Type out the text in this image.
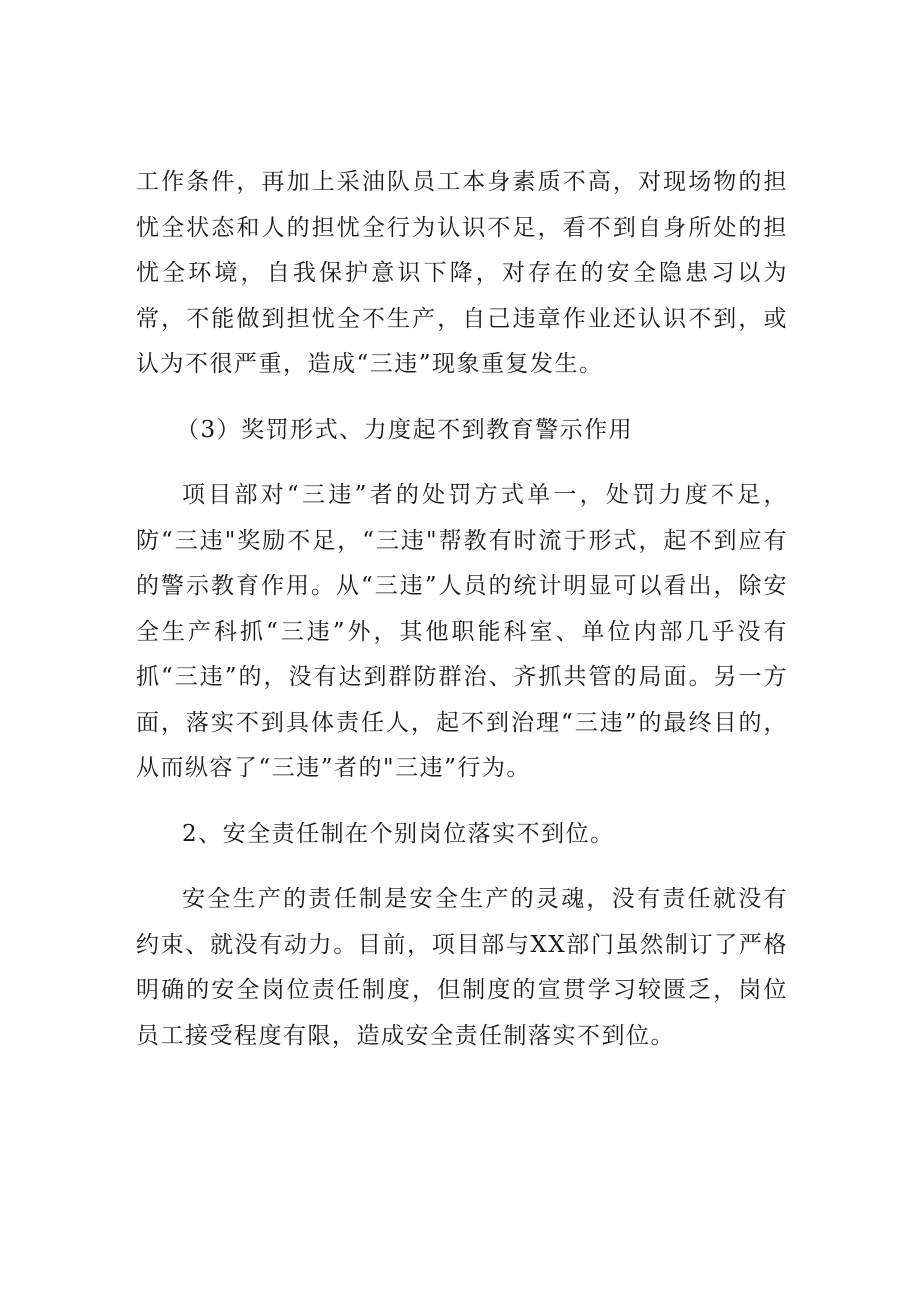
工作条件，再加上采油队员工本身素质不高，对现场物的担忧全状态和人的担忧全行为认识不足，看不到自身所处的担忧全环境，自我保护意识下降，对存在的安全隐患习以为常，不能做到担忧全不生产，自己违章作业还认识不到，或认为不很严重，造成“三违”现象重复发生。

（3）奖罚形式、力度起不到教育警示作用

项目部对“三违”者的处罚方式单一，处罚力度不足，防“三违"奖励不足，“三违"帮教有时流于形式，起不到应有的警示教育作用。从“三违”人员的统计明显可以看出，除安全生产科抓“三违”外，其他职能科室、单位内部几乎没有抓“三违”的，没有达到群防群治、齐抓共管的局面。另一方面，落实不到具体责任人，起不到治理“三违”的最终目的，从而纵容了“三违”者的"三违”行为。

2、安全责任制在个别岗位落实不到位。

安全生产的责任制是安全生产的灵魂，没有责任就没有约束、就没有动力。目前，项目部与XX部门虽然制订了严格明确的安全岗位责任制度，但制度的宣贯学习较匮乏，岗位员工接受程度有限，造成安全责任制落实不到位。
